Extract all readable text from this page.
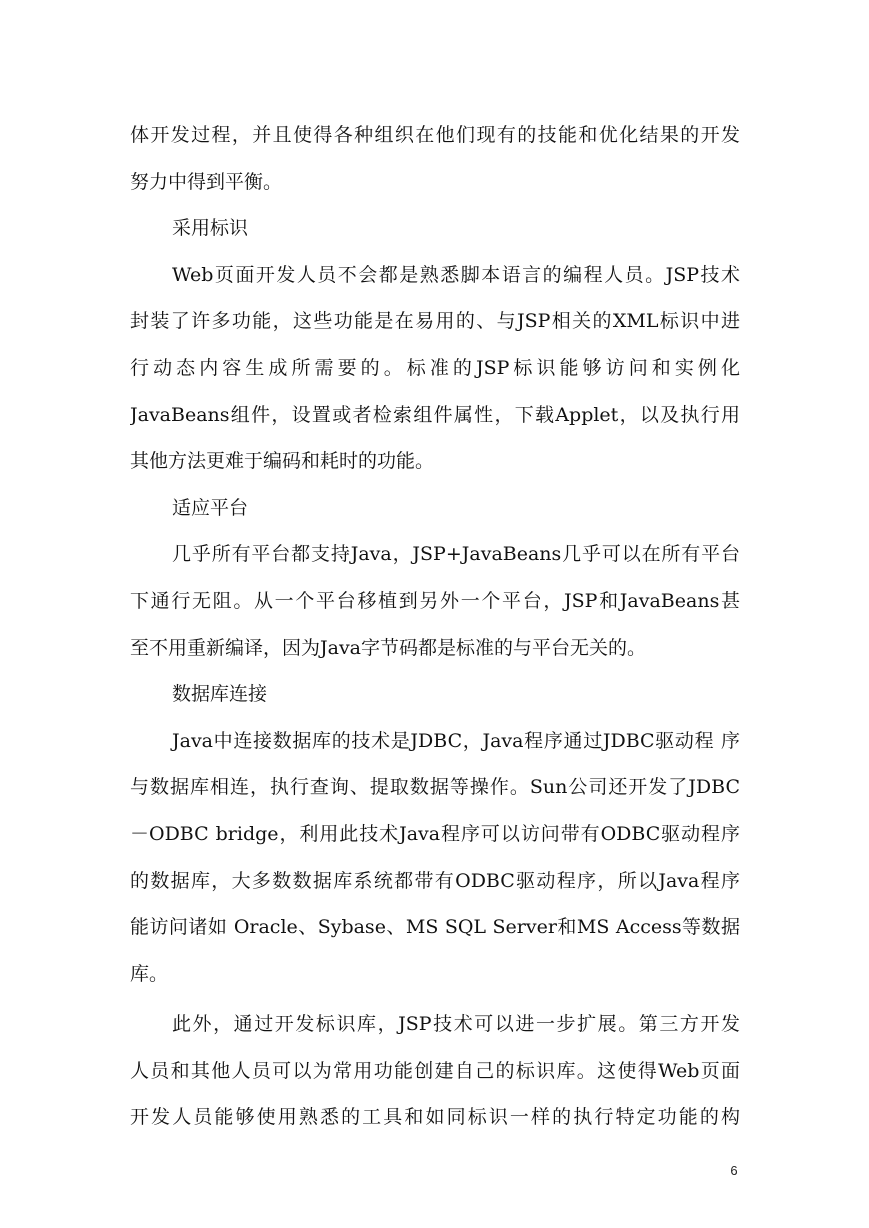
体开发过程，并且使得各种组织在他们现有的技能和优化结果的开发
努力中得到平衡。
采用标识
Web页面开发人员不会都是熟悉脚本语言的编程人员。JSP技术
封装了许多功能，这些功能是在易用的、与JSP相关的XML标识中进
行动态内容生成所需要的。标准的JSP标识能够访问和实例化
JavaBeans组件，设置或者检索组件属性，下载Applet，以及执行用
其他方法更难于编码和耗时的功能。
适应平台
几乎所有平台都支持Java，JSP+JavaBeans几乎可以在所有平台
下通行无阻。从一个平台移植到另外一个平台，JSP和JavaBeans甚
至不用重新编译，因为Java字节码都是标准的与平台无关的。
数据库连接
Java中连接数据库的技术是JDBC，Java程序通过JDBC驱动程 序
与数据库相连，执行查询、提取数据等操作。Sun公司还开发了JDBC
－ODBC bridge，利用此技术Java程序可以访问带有ODBC驱动程序
的数据库，大多数数据库系统都带有ODBC驱动程序，所以Java程序
能访问诸如 Oracle、Sybase、MS SQL Server和MS Access等数据
库。
此外，通过开发标识库，JSP技术可以进一步扩展。第三方开发
人员和其他人员可以为常用功能创建自己的标识库。这使得Web页面
开发人员能够使用熟悉的工具和如同标识一样的执行特定功能的构
6
